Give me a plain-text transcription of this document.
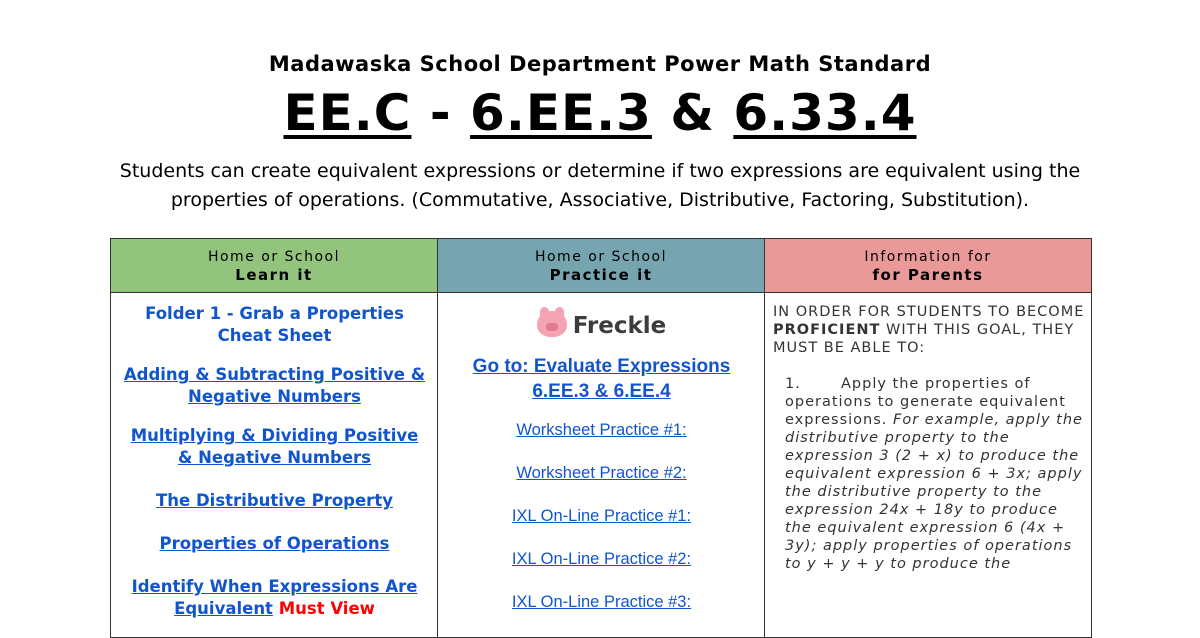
Madawaska School Department Power Math Standard
EE.C - 6.EE.3 & 6.33.4
Students can create equivalent expressions or determine if two expressions are equivalent using the properties of operations. (Commutative, Associative, Distributive, Factoring, Substitution).
Home or School
Learn it
Folder 1 - Grab a Properties Cheat Sheet
Adding & Subtracting Positive & Negative Numbers
Multiplying & Dividing Positive & Negative Numbers
The Distributive Property
Properties of Operations
Identify When Expressions Are Equivalent Must View
Home or School
Practice it
Freckle
Go to: Evaluate Expressions
6.EE.3 & 6.EE.4
Worksheet Practice #1:
Worksheet Practice #2:
IXL On-Line Practice #1:
IXL On-Line Practice #2:
IXL On-Line Practice #3:
Information for
for Parents
IN ORDER FOR STUDENTS TO BECOME PROFICIENT WITH THIS GOAL, THEY MUST BE ABLE TO:
1.	Apply the properties of operations to generate equivalent expressions. For example, apply the distributive property to the expression 3 (2 + x) to produce the equivalent expression 6 + 3x; apply the distributive property to the expression 24x + 18y to produce the equivalent expression 6 (4x + 3y); apply properties of operations to y + y + y to produce the
